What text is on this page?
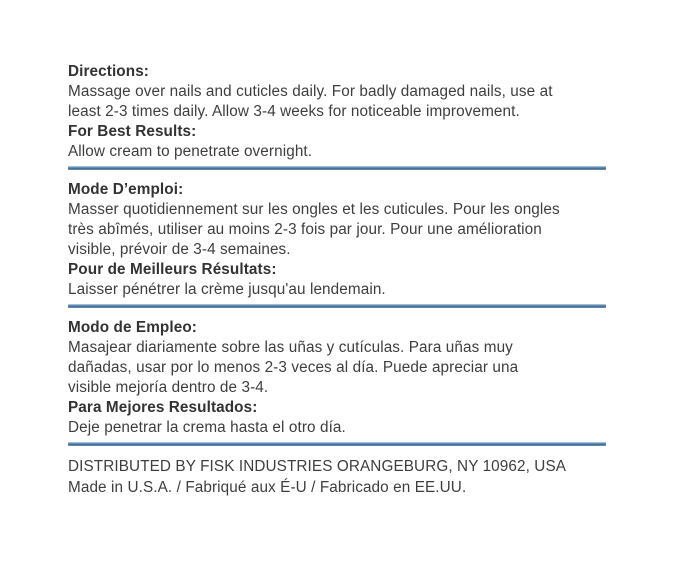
Directions:
Massage over nails and cuticles daily. For badly damaged nails, use at
least 2-3 times daily. Allow 3-4 weeks for noticeable improvement.
For Best Results:
Allow cream to penetrate overnight.
Mode D’emploi:
Masser quotidiennement sur les ongles et les cuticules. Pour les ongles
très abîmés, utiliser au moins 2-3 fois par jour. Pour une amélioration
visible, prévoir de 3-4 semaines.
Pour de Meilleurs Résultats:
Laisser pénétrer la crème jusqu'au lendemain.
Modo de Empleo:
Masajear diariamente sobre las uñas y cutículas. Para uñas muy
dañadas, usar por lo menos 2-3 veces al día. Puede apreciar una
visible mejoría dentro de 3-4.
Para Mejores Resultados:
Deje penetrar la crema hasta el otro día.
DISTRIBUTED BY FISK INDUSTRIES ORANGEBURG, NY 10962, USA
Made in U.S.A. / Fabriqué aux É-U / Fabricado en EE.UU.
